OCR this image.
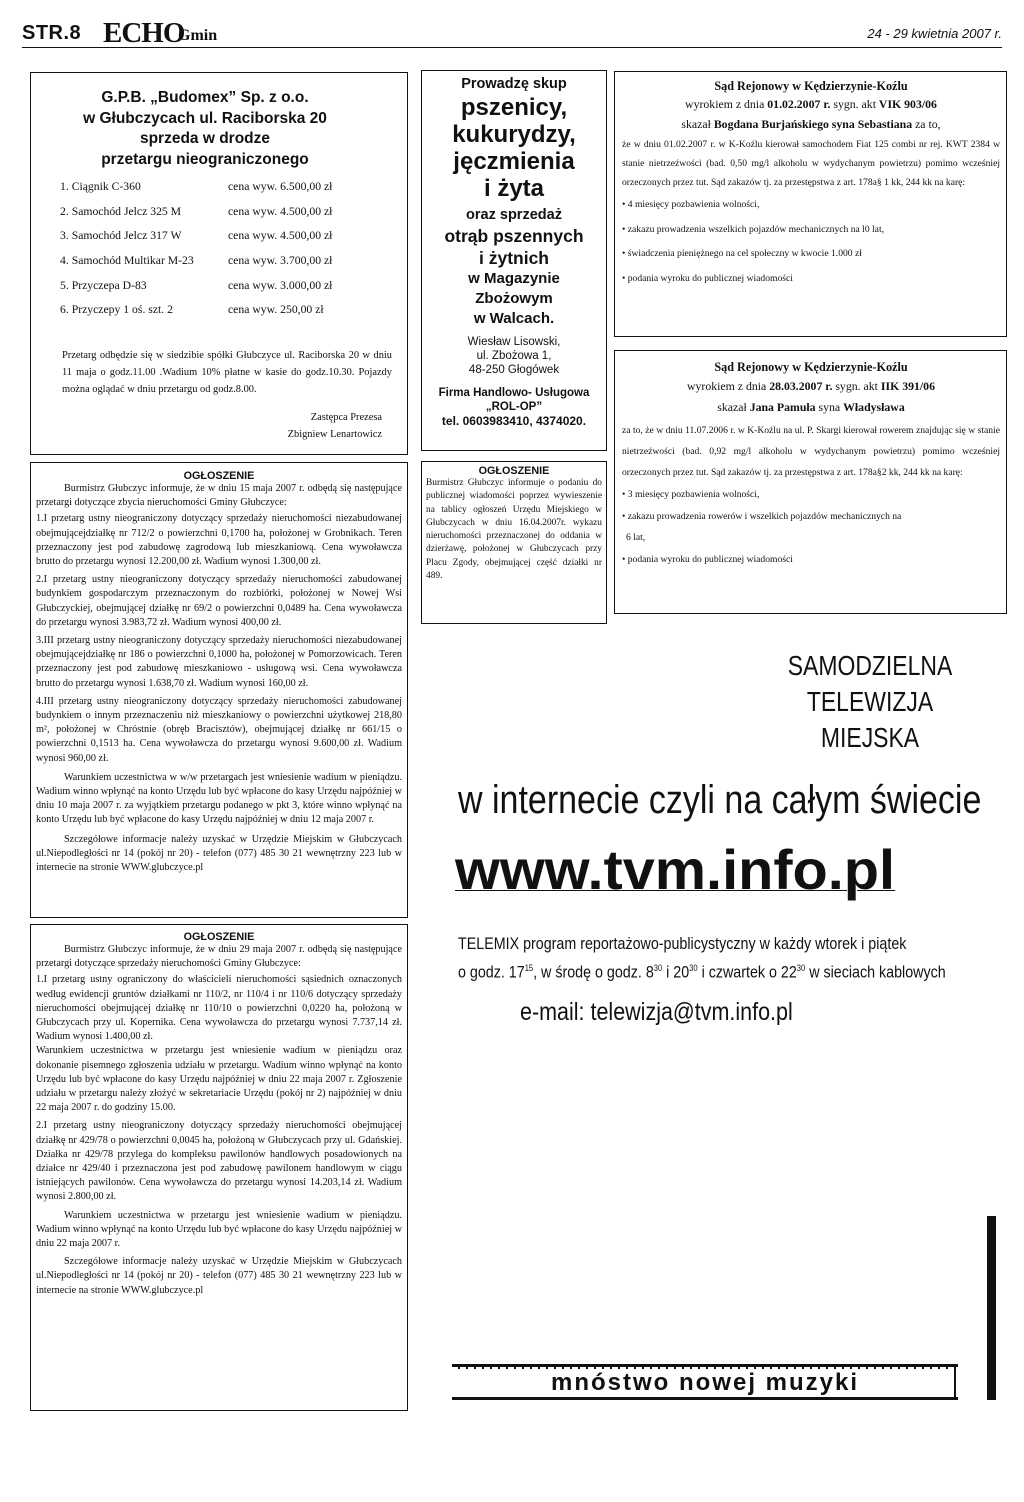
STR.8 ECHO
Gmin	24 - 29 kwietnia 2007 r.
G.P.B. „Budomex” Sp. z o.o.
w Głubczycach ul. Raciborska 20
sprzeda w drodze
przetargu nieograniczonego
1. Ciągnik C-360	cena wyw. 6.500,00 zł
2. Samochód Jelcz 325 M	cena wyw. 4.500,00 zł
3. Samochód Jelcz 317 W	cena wyw. 4.500,00 zł
4. Samochód Multikar M-23	cena wyw. 3.700,00 zł
5. Przyczepa D-83	cena wyw. 3.000,00 zł
6. Przyczepy 1 oś. szt. 2	cena wyw. 250,00 zł
Przetarg odbędzie się w siedzibie spółki Głubczyce ul. Raciborska 20 w dniu 11 maja o godz.11.00 .Wadium 10% płatne w kasie do godz.10.30. Pojazdy można oglądać w dniu przetargu od godz.8.00.
Zastępca Prezesa
Zbigniew Lenartowicz
OGŁOSZENIE

Burmistrz Głubczyc informuje, że w dniu 15 maja 2007 r. odbędą się następujące przetargi dotyczące zbycia nieruchomości Gminy Głubczyce:

1.I przetarg ustny nieograniczony dotyczący sprzedaży nieruchomości niezabudowanej obejmującejdziałkę nr 712/2 o powierzchni 0,1700 ha, położonej w Grobnikach. Teren przeznaczony jest pod zabudowę zagrodową lub mieszkaniową. Cena wywoławcza brutto do przetargu wynosi 12.200,00 zł. Wadium wynosi 1.300,00 zł.

2.I przetarg ustny nieograniczony dotyczący sprzedaży nieruchomości zabudowanej budynkiem gospodarczym przeznaczonym do rozbiórki, położonej w Nowej Wsi Głubczyckiej, obejmującej działkę nr 69/2 o powierzchni 0,0489 ha. Cena wywoławcza do przetargu wynosi 3.983,72 zł. Wadium wynosi 400,00 zł.

3.III przetarg ustny nieograniczony dotyczący sprzedaży nieruchomości niezabudowanej obejmującejdziałkę nr 186 o powierzchni 0,1000 ha, położonej w Pomorzowicach. Teren przeznaczony jest pod zabudowę mieszkaniowo - usługową wsi. Cena wywoławcza brutto do przetargu wynosi 1.638,70 zł. Wadium wynosi 160,00 zł.

4.III przetarg ustny nieograniczony dotyczący sprzedaży nieruchomości zabudowanej budynkiem o innym przeznaczeniu niż mieszkaniowy o powierzchni użytkowej 218,80 m², położonej w Chróstnie (obręb Bracisztów), obejmującej działkę nr 661/15 o powierzchni 0,1513 ha. Cena wywoławcza do przetargu wynosi 9.600,00 zł. Wadium wynosi 960,00 zł.

Warunkiem uczestnictwa w w/w przetargach jest wniesienie wadium w pieniądzu. Wadium winno wpłynąć na konto Urzędu lub być wpłacone do kasy Urzędu najpóźniej w dniu 10 maja 2007 r. za wyjątkiem przetargu podanego w pkt 3, które winno wpłynąć na konto Urzędu lub być wpłacone do kasy Urzędu najpóźniej w dniu 12 maja 2007 r.

Szczegółowe informacje należy uzyskać w Urzędzie Miejskim w Głubczycach ul.Niepodległości nr 14 (pokój nr 20) - telefon (077) 485 30 21 wewnętrzny 223 lub w internecie na stronie WWW.glubczyce.pl

OGŁOSZENIE

Burmistrz Głubczyc informuje, że w dniu 29 maja 2007 r. odbędą się następujące przetargi dotyczące sprzedaży nieruchomości Gminy Głubczyce:

1.I przetarg ustny ograniczony do właścicieli nieruchomości sąsiednich oznaczonych według ewidencji gruntów działkami nr 110/2, nr 110/4 i nr 110/6 dotyczący sprzedaży nieruchomości obejmującej działkę nr 110/10 o powierzchni 0,0220 ha, położoną w Głubczycach przy ul. Kopernika. Cena wywoławcza do przetargu wynosi 7.737,14 zł. Wadium wynosi 1.400,00 zł.

Warunkiem uczestnictwa w przetargu jest wniesienie wadium w pieniądzu oraz dokonanie pisemnego zgłoszenia udziału w przetargu. Wadium winno wpłynąć na konto Urzędu lub być wpłacone do kasy Urzędu najpóźniej w dniu 22 maja 2007 r. Zgłoszenie udziału w przetargu należy złożyć w sekretariacie Urzędu (pokój nr 2) najpóźniej w dniu 22 maja 2007 r. do godziny 15.00.

2.I przetarg ustny nieograniczony dotyczący sprzedaży nieruchomości obejmującej działkę nr 429/78 o powierzchni 0,0045 ha, położoną w Głubczycach przy ul. Gdańskiej. Działka nr 429/78 przylega do kompleksu pawilonów handlowych posadowionych na działce nr 429/40 i przeznaczona jest pod zabudowę pawilonem handlowym w ciągu istniejących pawilonów. Cena wywoławcza do przetargu wynosi 14.203,14 zł. Wadium wynosi 2.800,00 zł.

Warunkiem uczestnictwa w przetargu jest wniesienie wadium w pieniądzu. Wadium winno wpłynąć na konto Urzędu lub być wpłacone do kasy Urzędu najpóźniej w dniu 22 maja 2007 r.

Szczegółowe informacje należy uzyskać w Urzędzie Miejskim w Głubczycach ul.Niepodległości nr 14 (pokój nr 20) - telefon (077) 485 30 21 wewnętrzny 223 lub w internecie na stronie WWW.glubczyce.pl

Prowadzę skup
pszenicy,
kukurydzy,
jęczmienia
i żyta
oraz sprzedaż
otrąb pszennych
i żytnich
w Magazynie
Zbożowym
w Walcach.
Wiesław Lisowski,
ul. Zbożowa 1,
48-250 Głogówek
Firma Handlowo- Usługowa
„ROL-OP”
tel. 0603983410, 4374020.
OGŁOSZENIE
Burmistrz Głubczyc informuje o podaniu do publicznej wiadomości poprzez wywieszenie na tablicy ogłoszeń Urzędu Miejskiego w Głubczycach w dniu 16.04.2007r. wykazu nieruchomości przeznaczonej do oddania w dzierżawę, położonej w Głubczycach przy Placu Zgody, obejmującej część działki nr 489.
Sąd Rejonowy w Kędzierzynie-Koźlu
wyrokiem z dnia 01.02.2007 r. sygn. akt VIK 903/06
skazał Bogdana Burjańskiego syna Sebastiana za to,
że w dniu 01.02.2007 r. w K-Koźlu kierował samochodem Fiat 125 combi nr rej. KWT 2384 w stanie nietrzeźwości (bad. 0,50 mg/l alkoholu w wydychanym powietrzu) pomimo wcześniej orzeczonych przez tut. Sąd zakazów tj. za przestępstwa z art. 178a§ 1 kk, 244 kk na karę:
• 4 miesięcy pozbawienia wolności,
• zakazu prowadzenia wszelkich pojazdów mechanicznych na l0 lat,
• świadczenia pieniężnego na cel społeczny w kwocie 1.000 zł
• podania wyroku do publicznej wiadomości
Sąd Rejonowy w Kędzierzynie-Koźlu
wyrokiem z dnia 28.03.2007 r. sygn. akt IIK 391/06
skazał Jana Pamuła syna Władysława
za to, że w dniu 11.07.2006 r. w K-Koźlu na ul. P. Skargi kierował rowerem znajdując się w stanie nietrzeźwości (bad. 0,92 mg/l alkoholu w wydychanym powietrzu) pomimo wcześniej orzeczonych przez tut. Sąd zakazów tj. za przestępstwa z art. 178a§2 kk, 244 kk na karę:
• 3 miesięcy pozbawienia wolności,
• zakazu prowadzenia rowerów i wszelkich pojazdów mechanicznych na
6 lat,
• podania wyroku do publicznej wiadomości
SAMODZIELNA
TELEWIZJA
MIEJSKA
w internecie czyli na całym świecie
www.tvm.info.pl
TELEMIX program reportażowo-publicystyczny w każdy wtorek i piątek
o godz. $17^{15}$, w środę o godz. $8^{30}$ i $20^{30}$ i czwartek o $22^{30}$ w sieciach kablowych
e-mail: telewizja@tvm.info.pl
mnóstwo nowej muzyki
